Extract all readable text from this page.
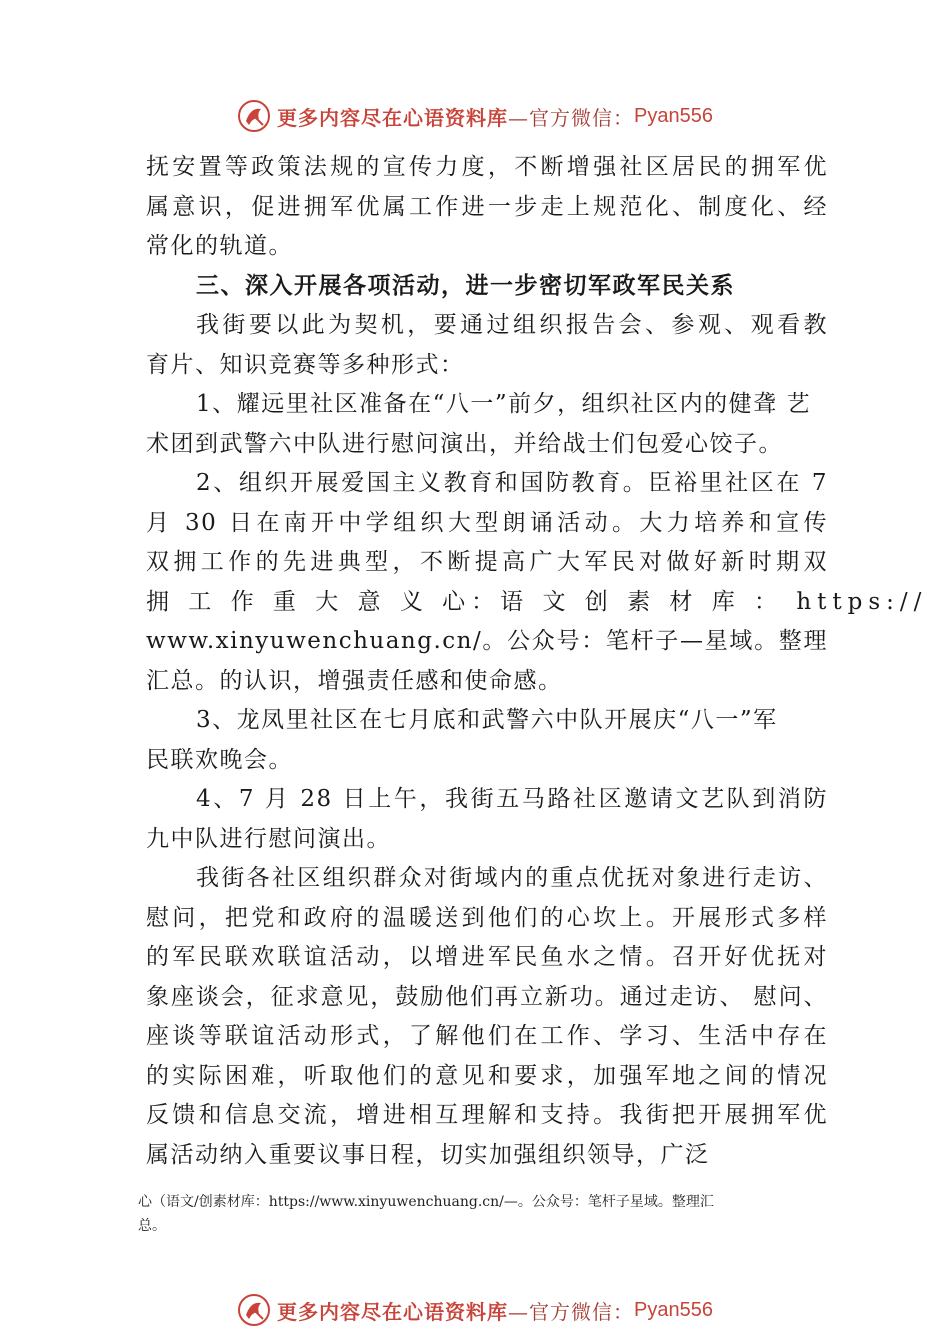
更多内容尽在心语资料库 —官方微信： Pyan556
抚安置等政策法规的宣传力度，不断增强社区居民的拥军优
属意识，促进拥军优属工作进一步走上规范化、制度化、经
常化的轨道。
三、深入开展各项活动，进一步密切军政军民关系
我街要以此为契机，要通过组织报告会、参观、观看教
育片、知识竞赛等多种形式：
1、耀远里社区准备在“八一”前夕，组织社区内的健聋 艺
术团到武警六中队进行慰问演出，并给战士们包爱心饺子。
2、组织开展爱国主义教育和国防教育。⾂裕里社区在 7
月 30 日在南开中学组织大型朗诵活动。大力培养和宣传
双拥工作的先进典型，不断提高广大军民对做好新时期双
拥 工 作 重 大 意 义 心：语 文 创 素 材 库 ： https://
www.xinyuwenchuang.cn/。公众号：笔杆子—星域。整理
汇总。的认识，增强责任感和使命感。
3、龙凤里社区在七月底和武警六中队开展庆“八一”军
民联欢晚会。
4、7 月 28 日上午，我街五马路社区邀请文艺队到消防
九中队进行慰问演出。
我街各社区组织群众对街域内的重点优抚对象进行走访、
慰问，把党和政府的温暖送到他们的心坎上。开展形式多样
的军民联欢联谊活动，以增进军民鱼水之情。召开好优抚对
象座谈会，征求意见，鼓励他们再立新功。通过走访、 慰问、
座谈等联谊活动形式，了解他们在工作、学习、生活中存在
的实际困难，听取他们的意见和要求，加强军地之间的情况
反馈和信息交流，增进相互理解和支持。我街把开展拥军优
属活动纳入重要议事日程，切实加强组织领导，广泛
心（语文/创素材库：https://www.xinyuwenchuang.cn/—。公众号：笔杆子星域。整理汇
总。
更多内容尽在心语资料库 —官方微信： Pyan556
